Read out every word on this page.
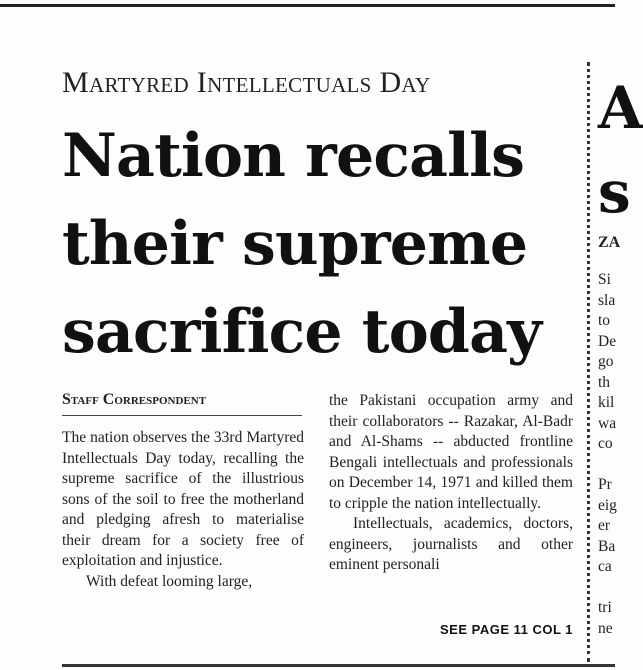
Martyred Intellectuals Day
Nation recalls their supreme sacrifice today
Staff Correspondent

The nation observes the 33rd Martyred Intellectuals Day today, recalling the supreme sacrifice of the illustrious sons of the soil to free the motherland and pledging afresh to materialise their dream for a society free of exploitation and injustice.

With defeat looming large,

the Pakistani occupation army and their collaborators -- Razakar, Al-Badr and Al-Shams -- abducted frontline Bengali intellectuals and professionals on December 14, 1971 and killed them to cripple the nation intellectually.

Intellectuals, academics, doctors, engineers, journalists and other eminent personali

SEE PAGE 11 COL 1
A
s
ZA
Si
sla
to
De
go
th
kil
wa
co
Pr
eig
er
Ba
ca
tri
ne
